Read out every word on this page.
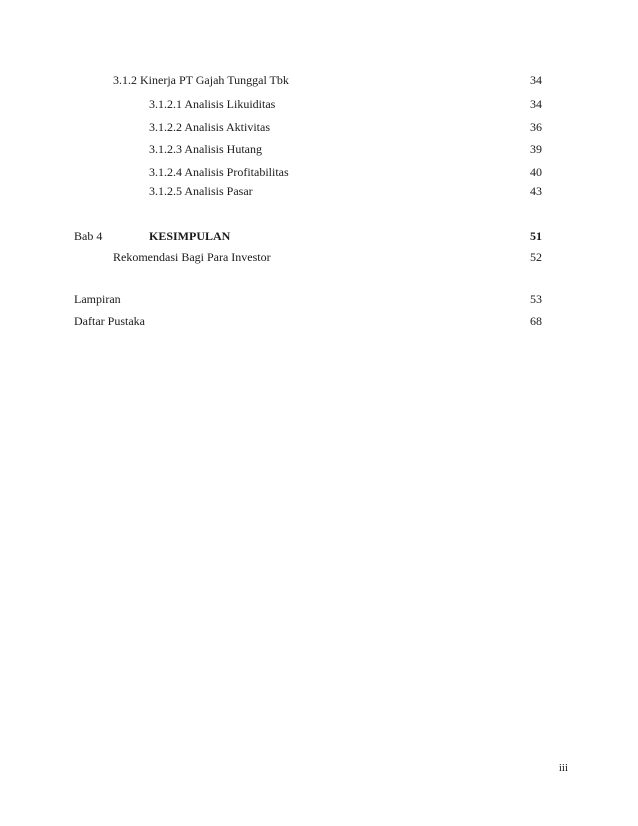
3.1.2 Kinerja PT Gajah Tunggal Tbk	34
3.1.2.1 Analisis Likuiditas	34
3.1.2.2 Analisis Aktivitas	36
3.1.2.3 Analisis Hutang	39
3.1.2.4 Analisis Profitabilitas	40
3.1.2.5 Analisis Pasar	43
Bab 4	KESIMPULAN	51
Rekomendasi Bagi Para Investor	52
Lampiran	53
Daftar Pustaka	68
iii
